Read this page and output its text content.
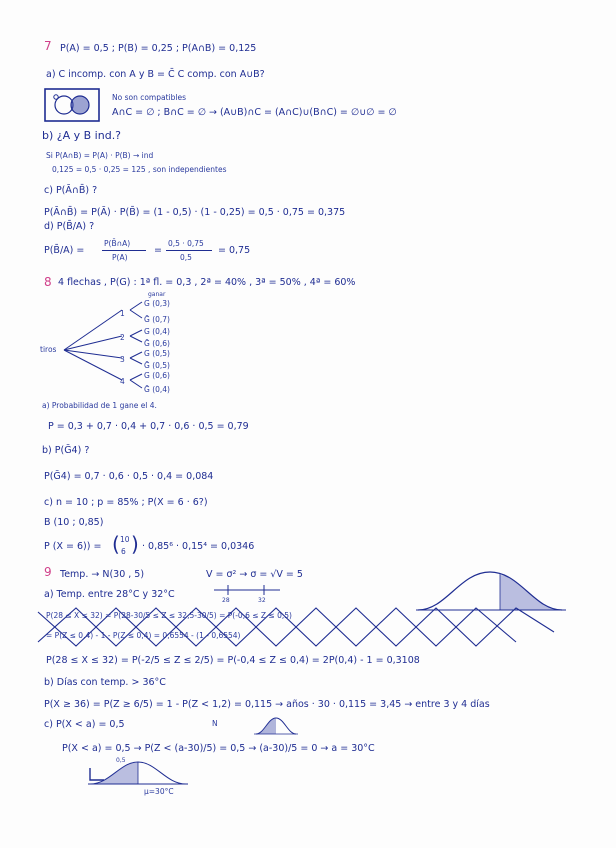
7 P(A) = 0,5 ; P(B) = 0,25 ; P(A∩B) = 0,125
a) C incomp. con A y B = C̄ C comp. con A∪B?
No son compatibles
A∩C = ∅ ; B∩C = ∅ → (A∪B)∩C = (A∩C)∪(B∩C) = ∅∪∅ = ∅
b) ¿A y B ind.?
Si P(A∩B) = P(A) · P(B) → ind
0,125 = 0,5 · 0,25 = 125 , son independientes
c) P(Ā∩B̄) ?
P(Ā∩B̄) = P(Ā) · P(B̄) = (1 - 0,5) · (1 - 0,25) = 0,5 · 0,75 = 0,375
d) P(B̄/A) ?
P(B̄/A) =
P(B̄∩A)
P(A)
=
0,5 · 0,75
0,5
= 0,75
8 4 flechas , P(G) : 1ª fl. = 0,3 , 2ª = 40% , 3ª = 50% , 4ª = 60%
ganar
tiros
1
G (0,3)
Ḡ (0,7)
2
G (0,4)
Ḡ (0,6)
3
G (0,5)
Ḡ (0,5)
4
G (0,6)
Ḡ (0,4)
a) Probabilidad de 1 gane el 4.
P = 0,3 + 0,7 · 0,4 + 0,7 · 0,6 · 0,5 = 0,79
b) P(Ḡ4) ?
P(Ḡ4) = 0,7 · 0,6 · 0,5 · 0,4 = 0,084
c) n = 10 ; p = 85% ; P(X = 6 · 6?)
B (10 ; 0,85)
P (X = 6)) = ( 10
6 ) · 0,85⁶ · 0,15⁴ = 0,0346
9 Temp. → N(30 , 5)	V = σ² → σ = √V = 5
a) Temp. entre 28°C y 32°C
28	32
P(28 ≤ X ≤ 32) = P(28-30/5 ≤ Z ≤ 32,5-30/5) = P(-0,6 ≤ Z ≤ 0,5)
= P(Z ≤ 0,4) - 1 - P(Z ≤ 0,4) = 0,6554 - (1 - 0,6554)
P(28 ≤ X ≤ 32) = P(-2/5 ≤ Z ≤ 2/5) = P(-0,4 ≤ Z ≤ 0,4) = 2P(0,4) - 1 = 0,3108
b) Días con temp. > 36°C
P(X ≥ 36) = P(Z ≥ 6/5) = 1 - P(Z < 1,2) = 0,115 → años · 30 · 0,115 = 3,45 → entre 3 y 4 días
c) P(X < a) = 0,5	N
P(X < a) = 0,5 → P(Z < (a-30)/5) = 0,5 → (a-30)/5 = 0 → a = 30°C
0,5
μ=30°C
